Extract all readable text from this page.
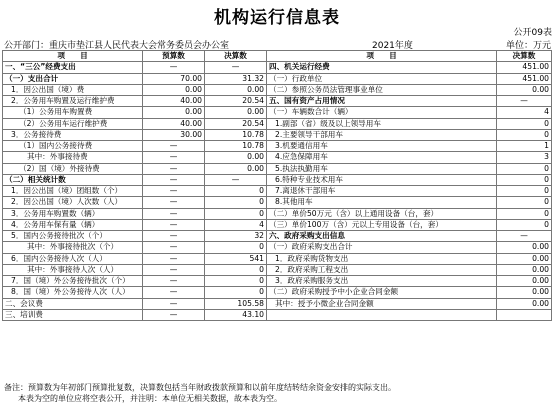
机构运行信息表
公开09表
公开部门：重庆市垫江县人民代表大会常务委员会办公室	2021年度	单位：万元
项　　目	预算数	决算数	项　　目	决算数
一、“三公”经费支出	—	—	四、机关运行经费	451.00
（一）支出合计	70.00	31.32	（一）行政单位	451.00
1．因公出国（境）费	0.00	0.00	（二）参照公务员法管理事业单位	0.00
2．公务用车购置及运行维护费	40.00	20.54	五、国有资产占用情况	—
（1）公务用车购置费	0.00	0.00	（一）车辆数合计（辆）	4
（2）公务用车运行维护费	40.00	20.54	1.副部（省）级及以上领导用车	0
3．公务接待费	30.00	10.78	2.主要领导干部用车	0
（1）国内公务接待费	—	10.78	3.机要通信用车	1
其中：外事接待费	—	0.00	4.应急保障用车	3
（2）国（境）外接待费	—	0.00	5.执法执勤用车	0
（二）相关统计数	—	—	6.特种专业技术用车	0
1．因公出国（境）团组数（个）	—	0	7.离退休干部用车	0
2．因公出国（境）人次数（人）	—	0	8.其他用车	0
3．公务用车购置数（辆）	—	0	（二）单价50万元（含）以上通用设备（台，套）	0
4．公务用车保有量（辆）	—	4	（三）单价100万（含）元以上专用设备（台，套）	0
5．国内公务接待批次（个）	—	32	六、政府采购支出信息	—
其中：外事接待批次（个）	—	0	（一）政府采购支出合计	0.00
6．国内公务接待人次（人）	—	541	1．政府采购货物支出	0.00
其中：外事接待人次（人）	—	0	2．政府采购工程支出	0.00
7．国（境）外公务接待批次（个）	—	0	3．政府采购服务支出	0.00
8．国（境）外公务接待人次（人）	—	0	（二）政府采购授予中小企业合同金额	0.00
二、会议费	—	105.58	其中：授予小微企业合同金额	0.00
三、培训费	—	43.10		
备注：预算数为年初部门预算批复数，决算数包括当年财政拨款预算和以前年度结转结余资金安排的实际支出。
本表为空的单位应将空表公开，并注明：本单位无相关数据，故本表为空。
